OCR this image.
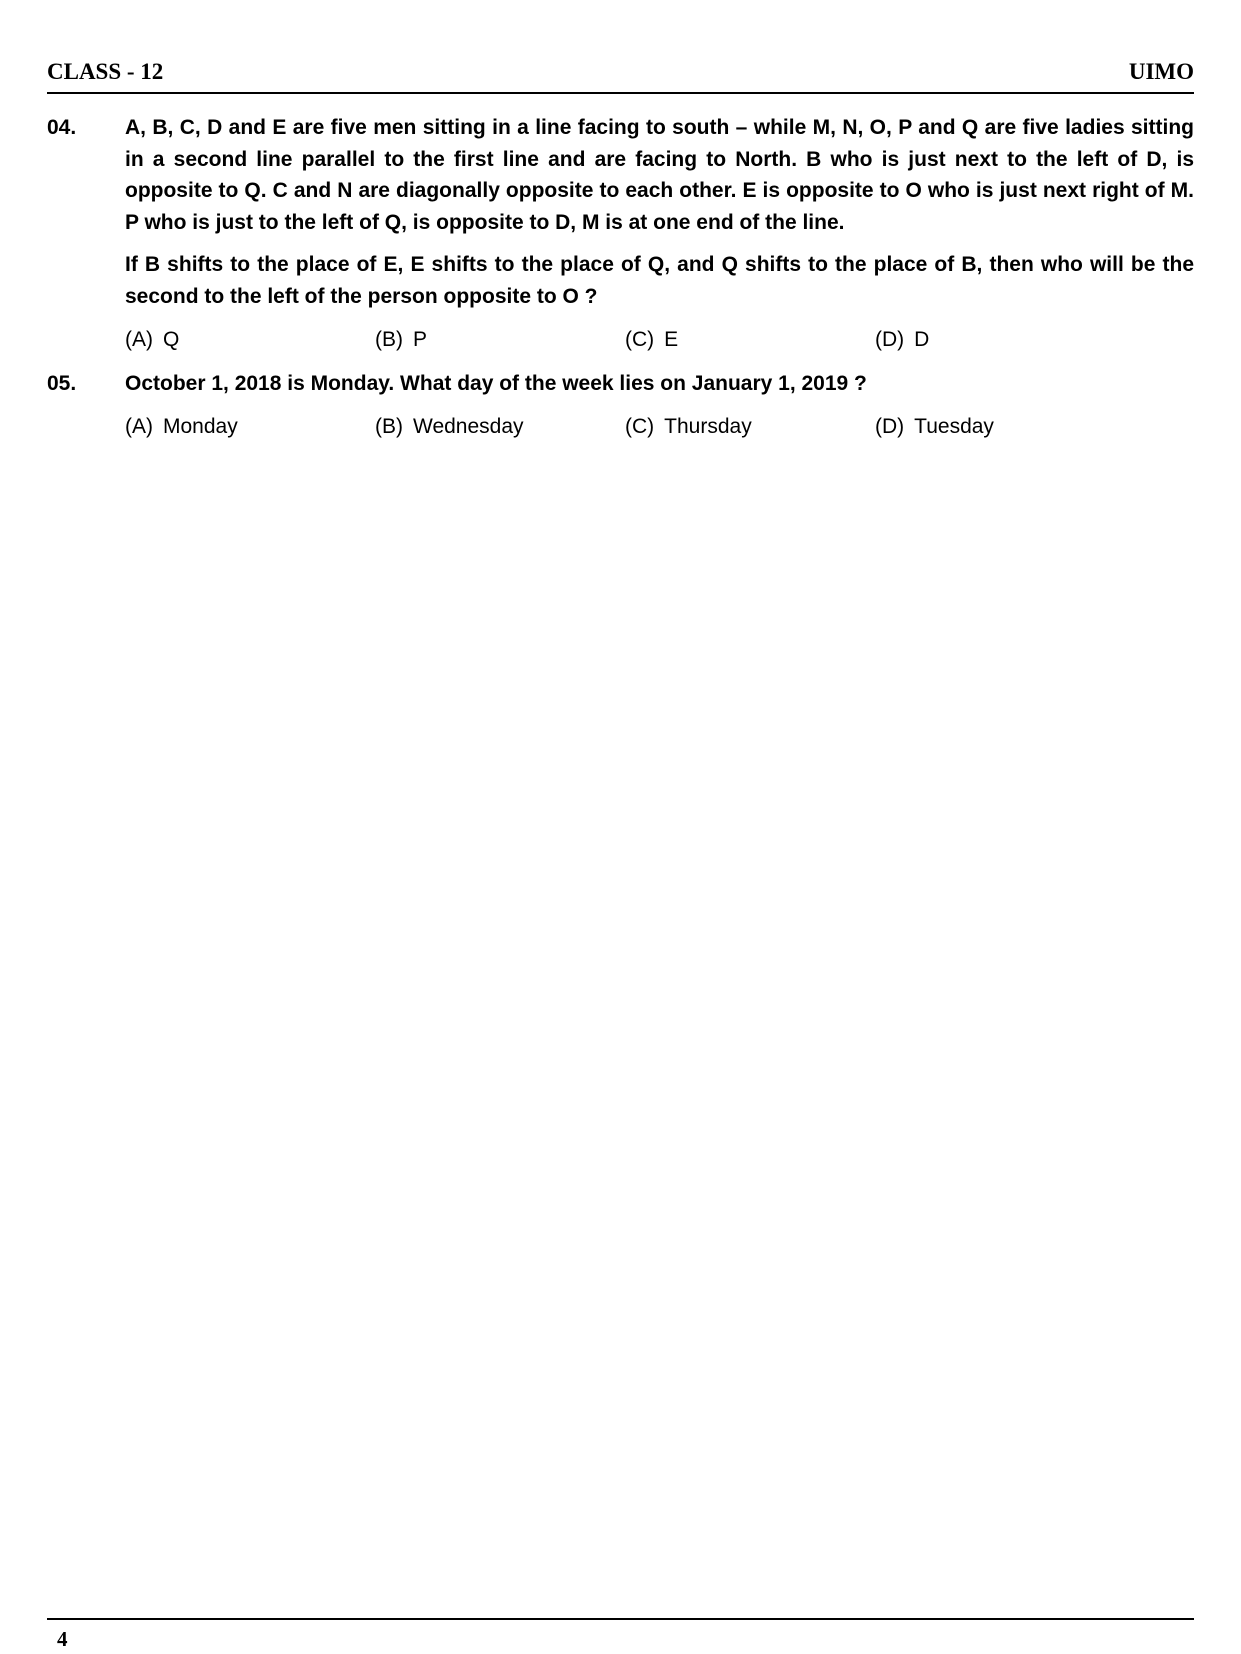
CLASS - 12	UIMO
04. A, B, C, D and E are five men sitting in a line facing to south – while M, N, O, P and Q are five ladies sitting in a second line parallel to the first line and are facing to North. B who is just next to the left of D, is opposite to Q. C and N are diagonally opposite to each other. E is opposite to O who is just next right of M. P who is just to the left of Q, is opposite to D, M is at one end of the line.

If B shifts to the place of E, E shifts to the place of Q, and Q shifts to the place of B, then who will be the second to the left of the person opposite to O ?

(A) Q	(B) P	(C) E	(D) D
05. October 1, 2018 is Monday. What day of the week lies on January 1, 2019 ?

(A) Monday	(B) Wednesday	(C) Thursday	(D) Tuesday
4
